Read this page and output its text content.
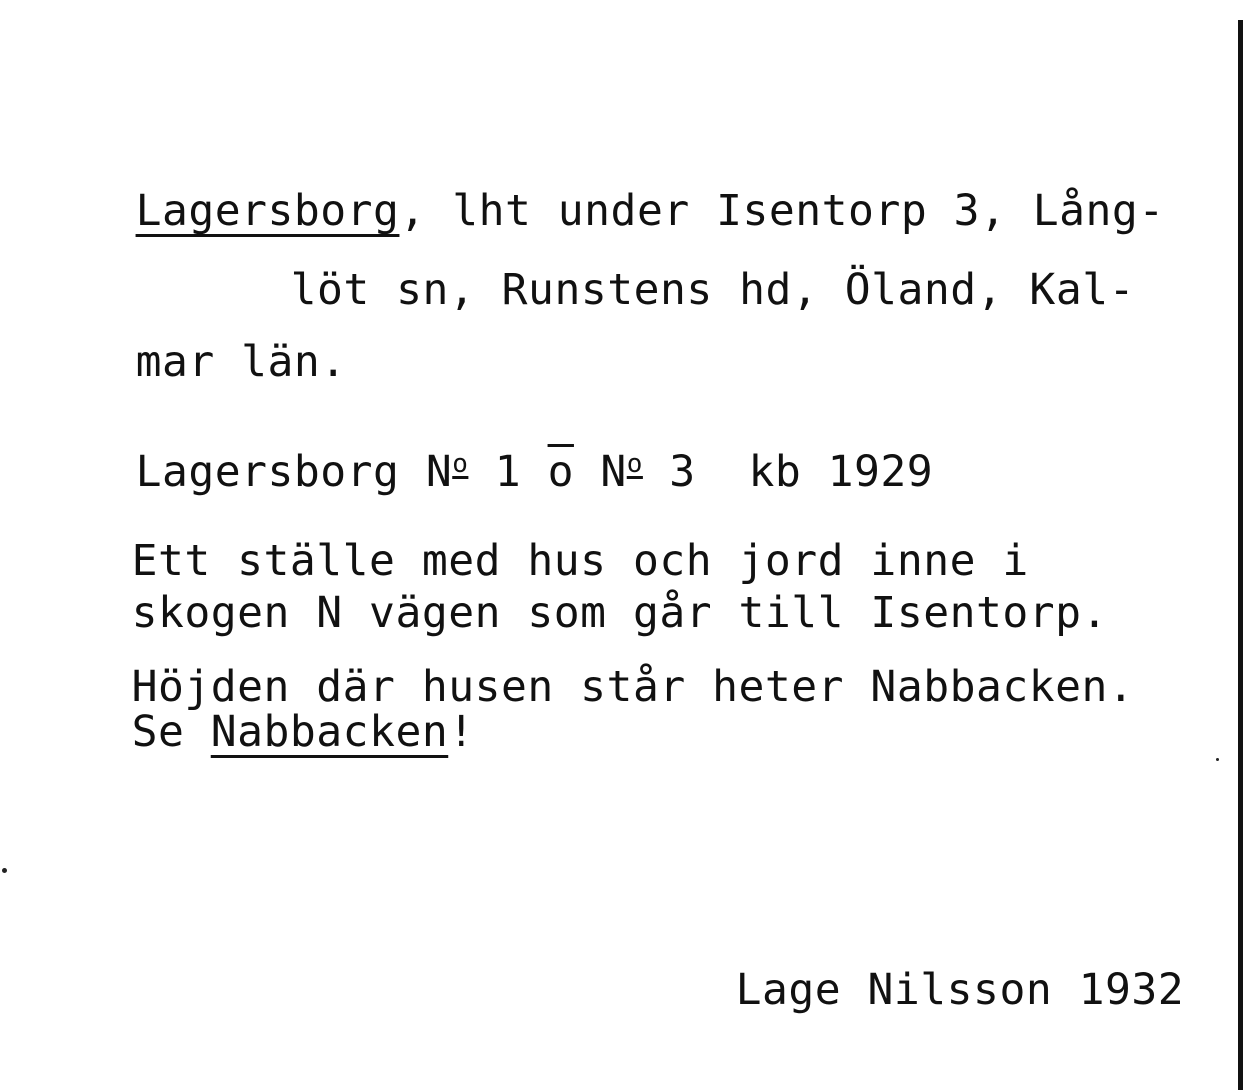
Lagersborg, lht under Isentorp 3, Lång-

löt sn, Runstens hd, Öland, Kal-

mar län.

Lagersborg $N^o$ 1 $\overline{o}$ $N^o$ 3  kb 1929

Ett ställe med hus och jord inne i

skogen N vägen som går till Isentorp.

Höjden där husen står heter Nabbacken.

Se Nabbacken!

Lage Nilsson 1932
